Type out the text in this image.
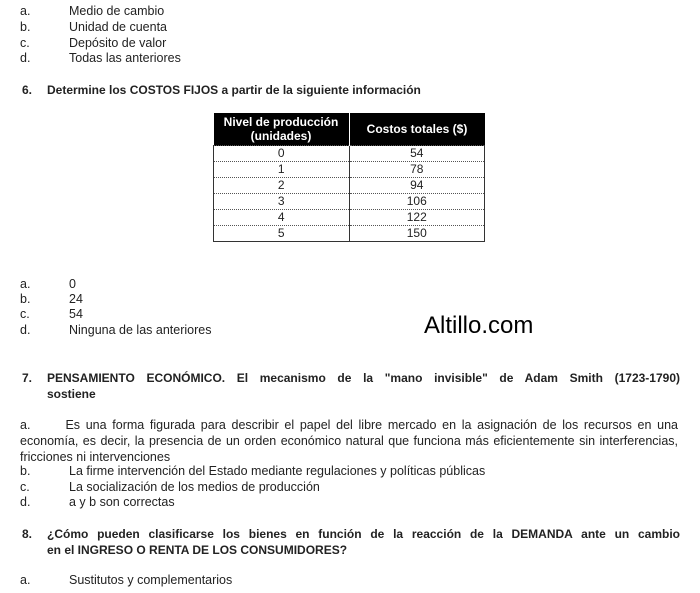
a.	Medio de cambio
b.	Unidad de cuenta
c.	Depósito de valor
d.	Todas las anteriores
6. Determine los COSTOS FIJOS a partir de la siguiente información
Nivel de producción (unidades)	Costos totales ($)
0	54
1	78
2	94
3	106
4	122
5	150
a.	0
b.	24
c.	54
d.	Ninguna de las anteriores	Altillo.com
7. PENSAMIENTO ECONÓMICO. El mecanismo de la "mano invisible" de Adam Smith (1723-1790)
sostiene
a.	Es una forma figurada para describir el papel del libre mercado en la asignación de los recursos en una economía, es decir, la presencia de un orden económico natural que funciona más eficientemente sin interferencias, fricciones ni intervenciones
b.	La firme intervención del Estado mediante regulaciones y políticas públicas
c.	La socialización de los medios de producción
d.	a y b son correctas
8. ¿Cómo pueden clasificarse los bienes en función de la reacción de la DEMANDA ante un cambio
en el INGRESO O RENTA DE LOS CONSUMIDORES?
a.	Sustitutos y complementarios
